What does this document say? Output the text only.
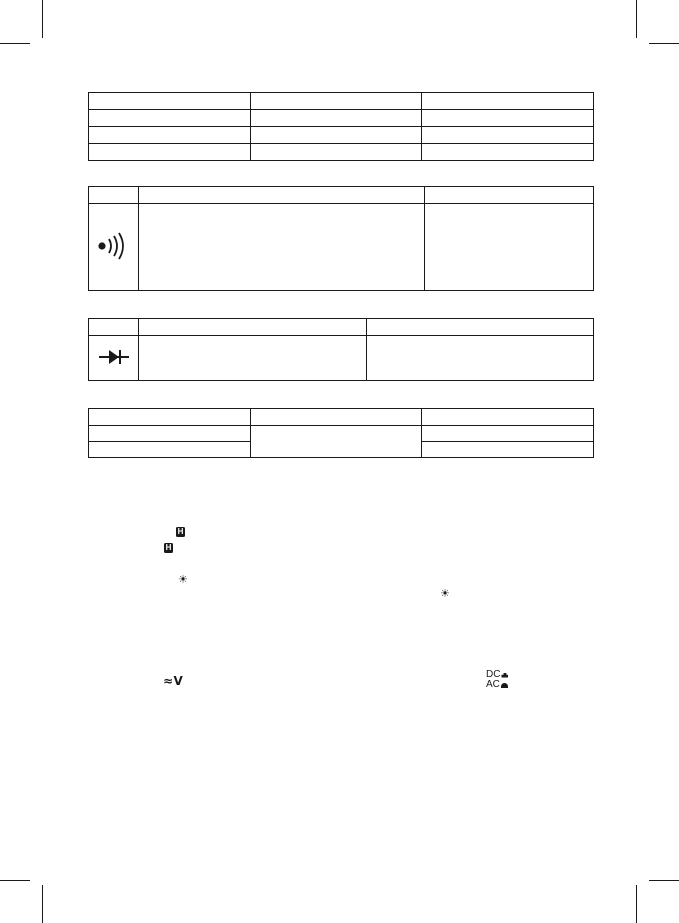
H
H
☀
☀
≈V	DC
AC
